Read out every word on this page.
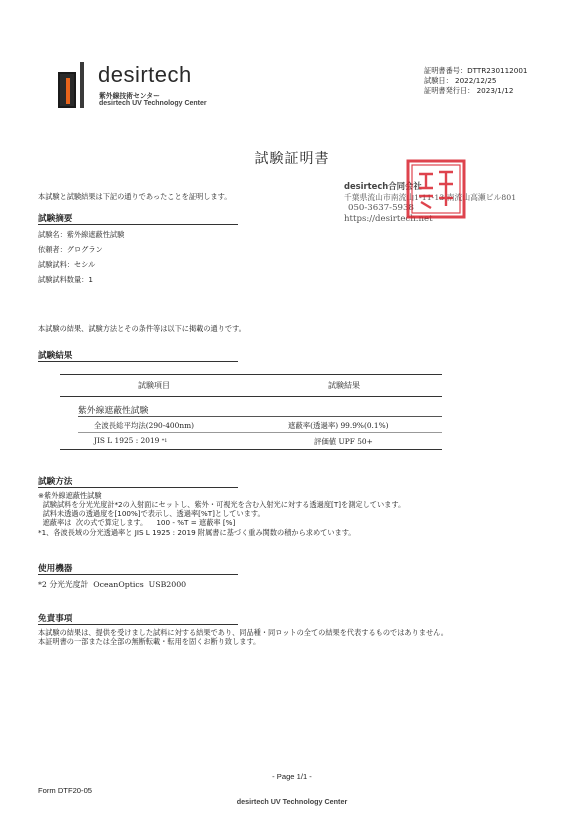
desirtech
紫外線技術センター
desirtech UV Technology Center
証明書番号：DTTR230112001
試験日： 2022/12/25
証明書発行日： 2023/1/12
試験証明書
desirtech合同会社
千葉県流山市南流山1-11-13 南流山高瀬ビル801
050-3637-5938
https://desirtech.net
本試験と試験結果は下記の通りであったことを証明します。
試験摘要
試験名：紫外線遮蔽性試験
依頼者：グログラン
試験試料：セシル
試験試料数量：1
本試験の結果、試験方法とその条件等は以下に掲載の通りです。
試験結果
試験項目	試験結果
紫外線遮蔽性試験
全波長総平均法(290-400nm)	遮蔽率(透過率) 99.9%(0.1%)
JIS L 1925 : 2019 *1	評価値 UPF 50+
試験方法
※紫外線遮蔽性試験
試験試料を分光光度計*2の入射面にセットし、紫外・可視光を含む入射光に対する透過度[T]を測定しています。
試料未透過の透過度を[100%]で表示し、透過率[%T]としています。
遮蔽率は  次の式で算定します。    100 - %T = 遮蔽率 [%]
*1、各波長域の分光透過率と JIS L 1925 : 2019 附属書に基づく重み関数の積から求めています。
使用機器
*2 分光光度計  OceanOptics  USB2000
免責事項
本試験の結果は、提供を受けました試料に対する結果であり、同品種・同ロットの全ての結果を代表するものではありません。
本証明書の一部または全部の無断転載・転用を固くお断り致します。
- Page 1/1 -
Form DTF20-05
desirtech UV Technology Center
